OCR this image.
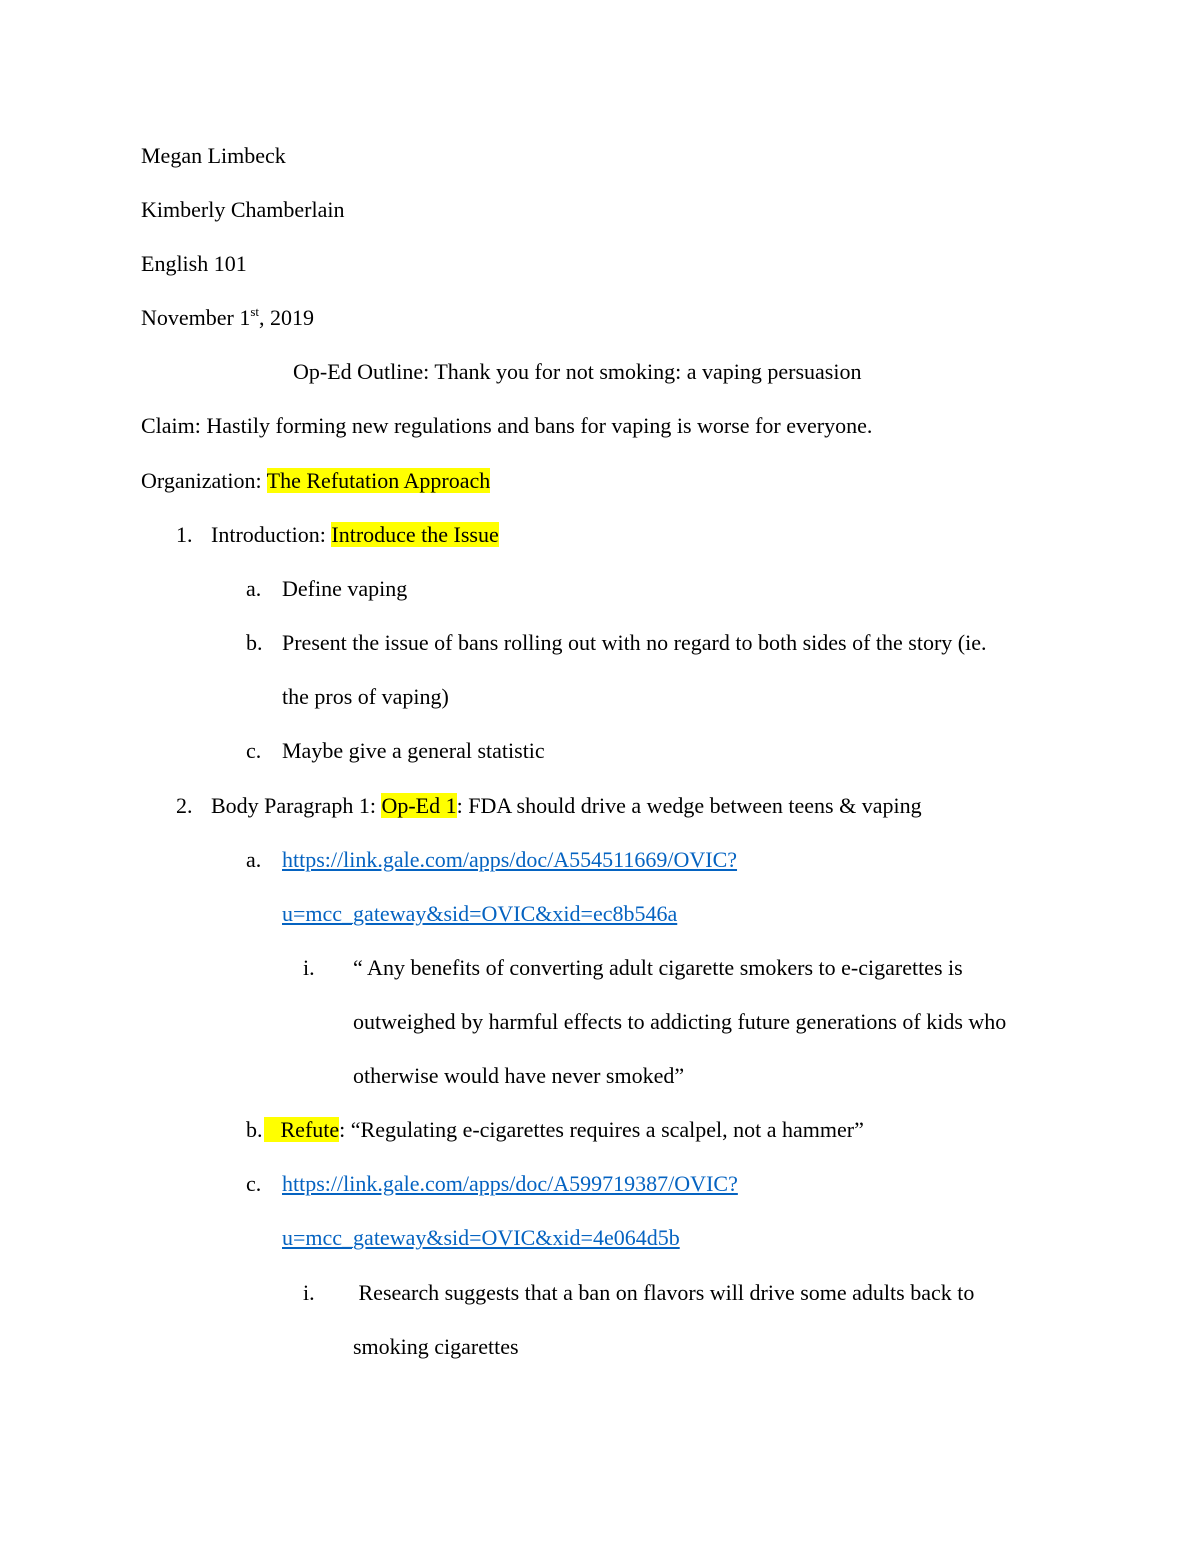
Megan Limbeck
Kimberly Chamberlain
English 101
November 1st, 2019
Op-Ed Outline: Thank you for not smoking: a vaping persuasion
Claim: Hastily forming new regulations and bans for vaping is worse for everyone.
Organization: The Refutation Approach
1. Introduction: Introduce the Issue
a. Define vaping
b. Present the issue of bans rolling out with no regard to both sides of the story (ie.
the pros of vaping)
c. Maybe give a general statistic
2. Body Paragraph 1: Op-Ed 1: FDA should drive a wedge between teens & vaping
a. https://link.gale.com/apps/doc/A554511669/OVIC?
u=mcc_gateway&sid=OVIC&xid=ec8b546a
i. “ Any benefits of converting adult cigarette smokers to e-cigarettes is
outweighed by harmful effects to addicting future generations of kids who
otherwise would have never smoked”
b. Refute: “Regulating e-cigarettes requires a scalpel, not a hammer”
c. https://link.gale.com/apps/doc/A599719387/OVIC?
u=mcc_gateway&sid=OVIC&xid=4e064d5b
i. Research suggests that a ban on flavors will drive some adults back to
smoking cigarettes
